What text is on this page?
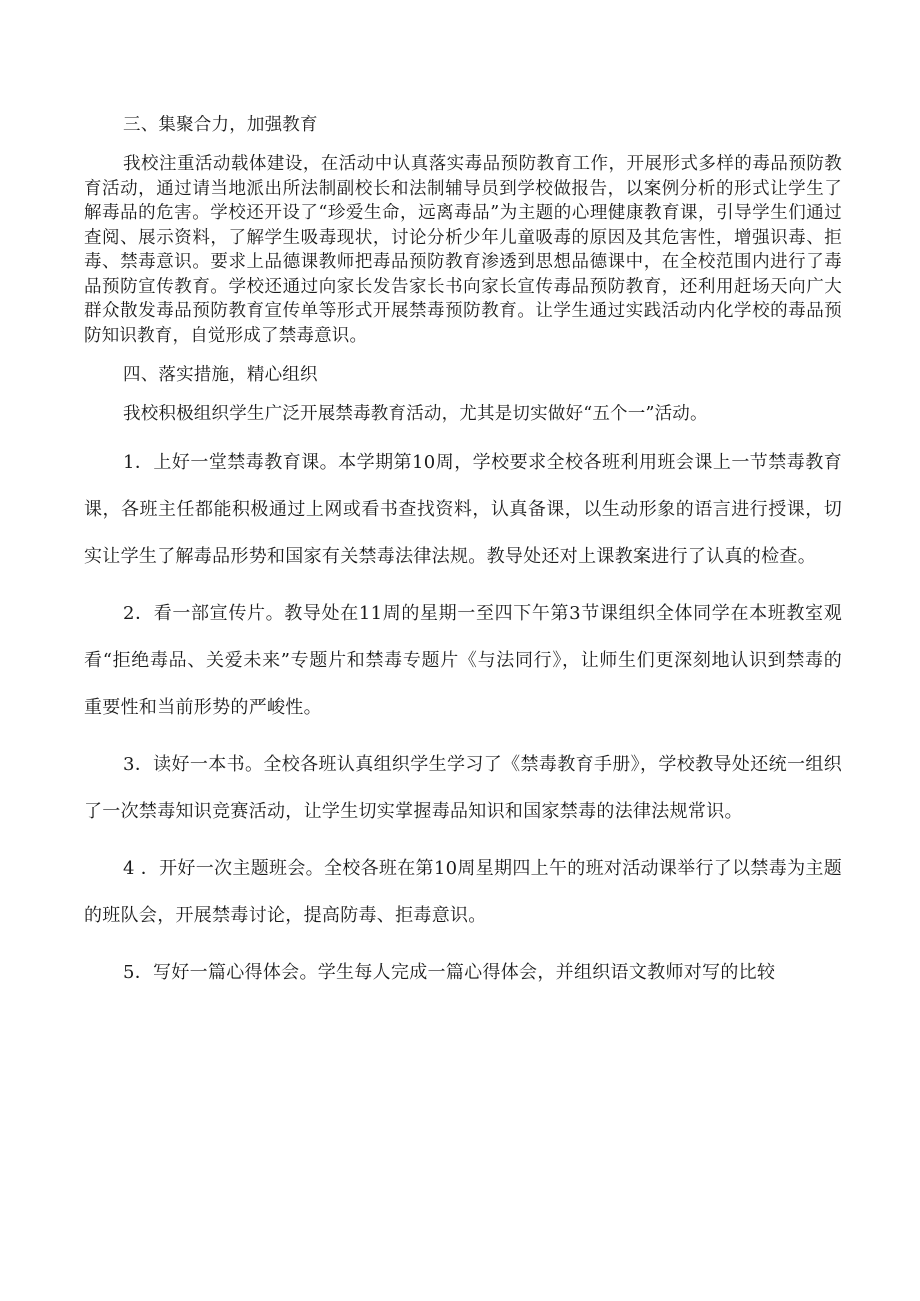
三、集聚合力，加强教育

我校注重活动载体建设，在活动中认真落实毒品预防教育工作，开展形式多样的毒品预防教育活动，通过请当地派出所法制副校长和法制辅导员到学校做报告，以案例分析的形式让学生了解毒品的危害。学校还开设了“珍爱生命，远离毒品”为主题的心理健康教育课，引导学生们通过查阅、展示资料，了解学生吸毒现状，讨论分析少年儿童吸毒的原因及其危害性，增强识毒、拒毒、禁毒意识。要求上品德课教师把毒品预防教育渗透到思想品德课中，在全校范围内进行了毒品预防宣传教育。学校还通过向家长发告家长书向家长宣传毒品预防教育，还利用赶场天向广大群众散发毒品预防教育宣传单等形式开展禁毒预防教育。让学生通过实践活动内化学校的毒品预防知识教育，自觉形成了禁毒意识。

四、落实措施，精心组织

我校积极组织学生广泛开展禁毒教育活动，尤其是切实做好“五个一”活动。

1．上好一堂禁毒教育课。本学期第10周，学校要求全校各班利用班会课上一节禁毒教育课，各班主任都能积极通过上网或看书查找资料，认真备课，以生动形象的语言进行授课，切实让学生了解毒品形势和国家有关禁毒法律法规。教导处还对上课教案进行了认真的检查。

2．看一部宣传片。教导处在11周的星期一至四下午第3节课组织全体同学在本班教室观看“拒绝毒品、关爱未来”专题片和禁毒专题片《与法同行》，让师生们更深刻地认识到禁毒的重要性和当前形势的严峻性。

3．读好一本书。全校各班认真组织学生学习了《禁毒教育手册》，学校教导处还统一组织了一次禁毒知识竞赛活动，让学生切实掌握毒品知识和国家禁毒的法律法规常识。

4 ．开好一次主题班会。全校各班在第10周星期四上午的班对活动课举行了以禁毒为主题的班队会，开展禁毒讨论，提高防毒、拒毒意识。

5．写好一篇心得体会。学生每人完成一篇心得体会，并组织语文教师对写的比较
